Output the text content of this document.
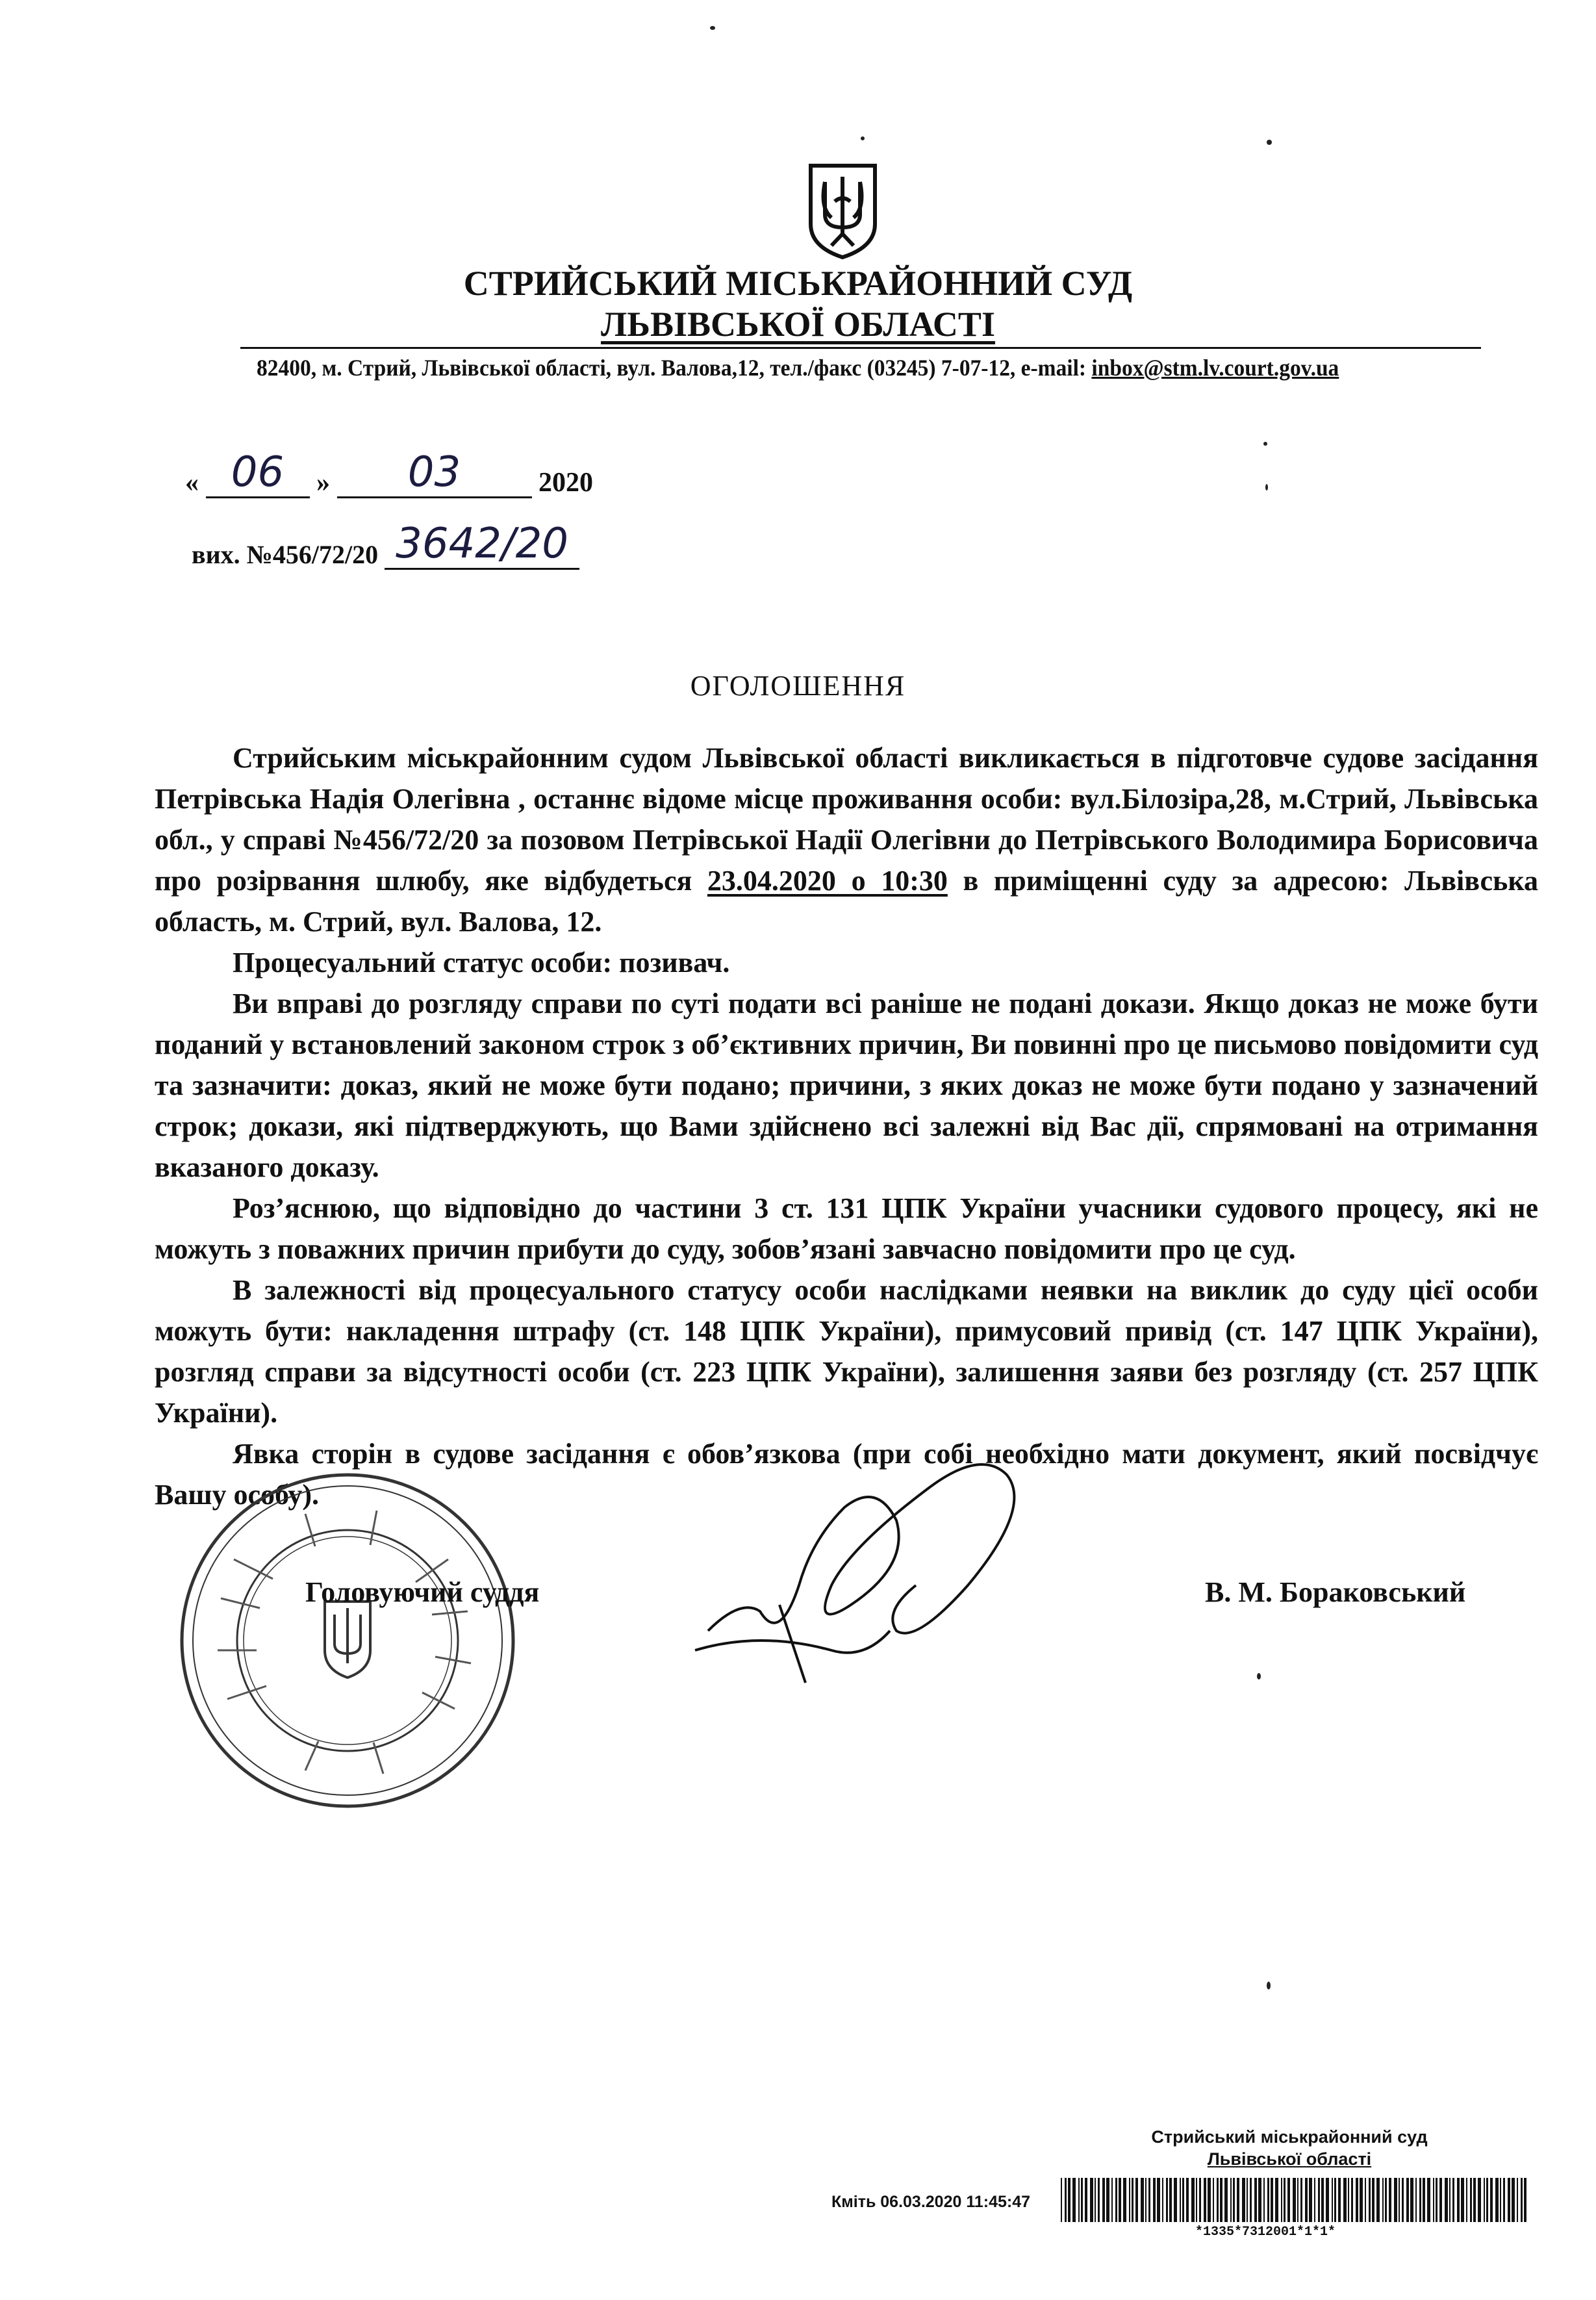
СТРИЙСЬКИЙ МІСЬКРАЙОННИЙ СУД
ЛЬВІВСЬКОЇ ОБЛАСТІ
82400, м. Стрий, Львівської області, вул. Валова,12, тел./факс (03245) 7-07-12, e-mail: inbox@stm.lv.court.gov.ua
« 06 » 03	2020
вих. №456/72/20 3642/20
ОГОЛОШЕННЯ

Стрийським міськрайонним судом Львівської області викликається в підготовче судове засідання Петрівська Надія Олегівна , останнє відоме місце проживання особи: вул.Білозіра,28, м.Стрий, Львівська обл., у справі №456/72/20 за позовом Петрівської Надії Олегівни до Петрівського Володимира Борисовича про розірвання шлюбу, яке відбудеться 23.04.2020 о 10:30 в приміщенні суду за адресою: Львівська область, м. Стрий, вул. Валова, 12.

Процесуальний статус особи: позивач.

Ви вправі до розгляду справи по суті подати всі раніше не подані докази. Якщо доказ не може бути поданий у встановлений законом строк з об’єктивних причин, Ви повинні про це письмово повідомити суд та зазначити: доказ, який не може бути подано; причини, з яких доказ не може бути подано у зазначений строк; докази, які підтверджують, що Вами здійснено всі залежні від Вас дії, спрямовані на отримання вказаного доказу.

Роз’яснюю, що відповідно до частини 3 ст. 131 ЦПК України учасники судового процесу, які не можуть з поважних причин прибути до суду, зобов’язані завчасно повідомити про це суд.

В залежності від процесуального статусу особи наслідками неявки на виклик до суду цієї особи можуть бути: накладення штрафу (ст. 148 ЦПК України), примусовий привід (ст. 147 ЦПК України), розгляд справи за відсутності особи (ст. 223 ЦПК України), залишення заяви без розгляду (ст. 257 ЦПК України).

Явка сторін в судове засідання є обов’язкова (при собі необхідно мати документ, який посвідчує Вашу особу).

Головуючий суддя	В. М. Бораковський
Стрийський міськрайонний суд
Львівської області
Кміть 06.03.2020 11:45:47
*1335*7312001*1*1*
